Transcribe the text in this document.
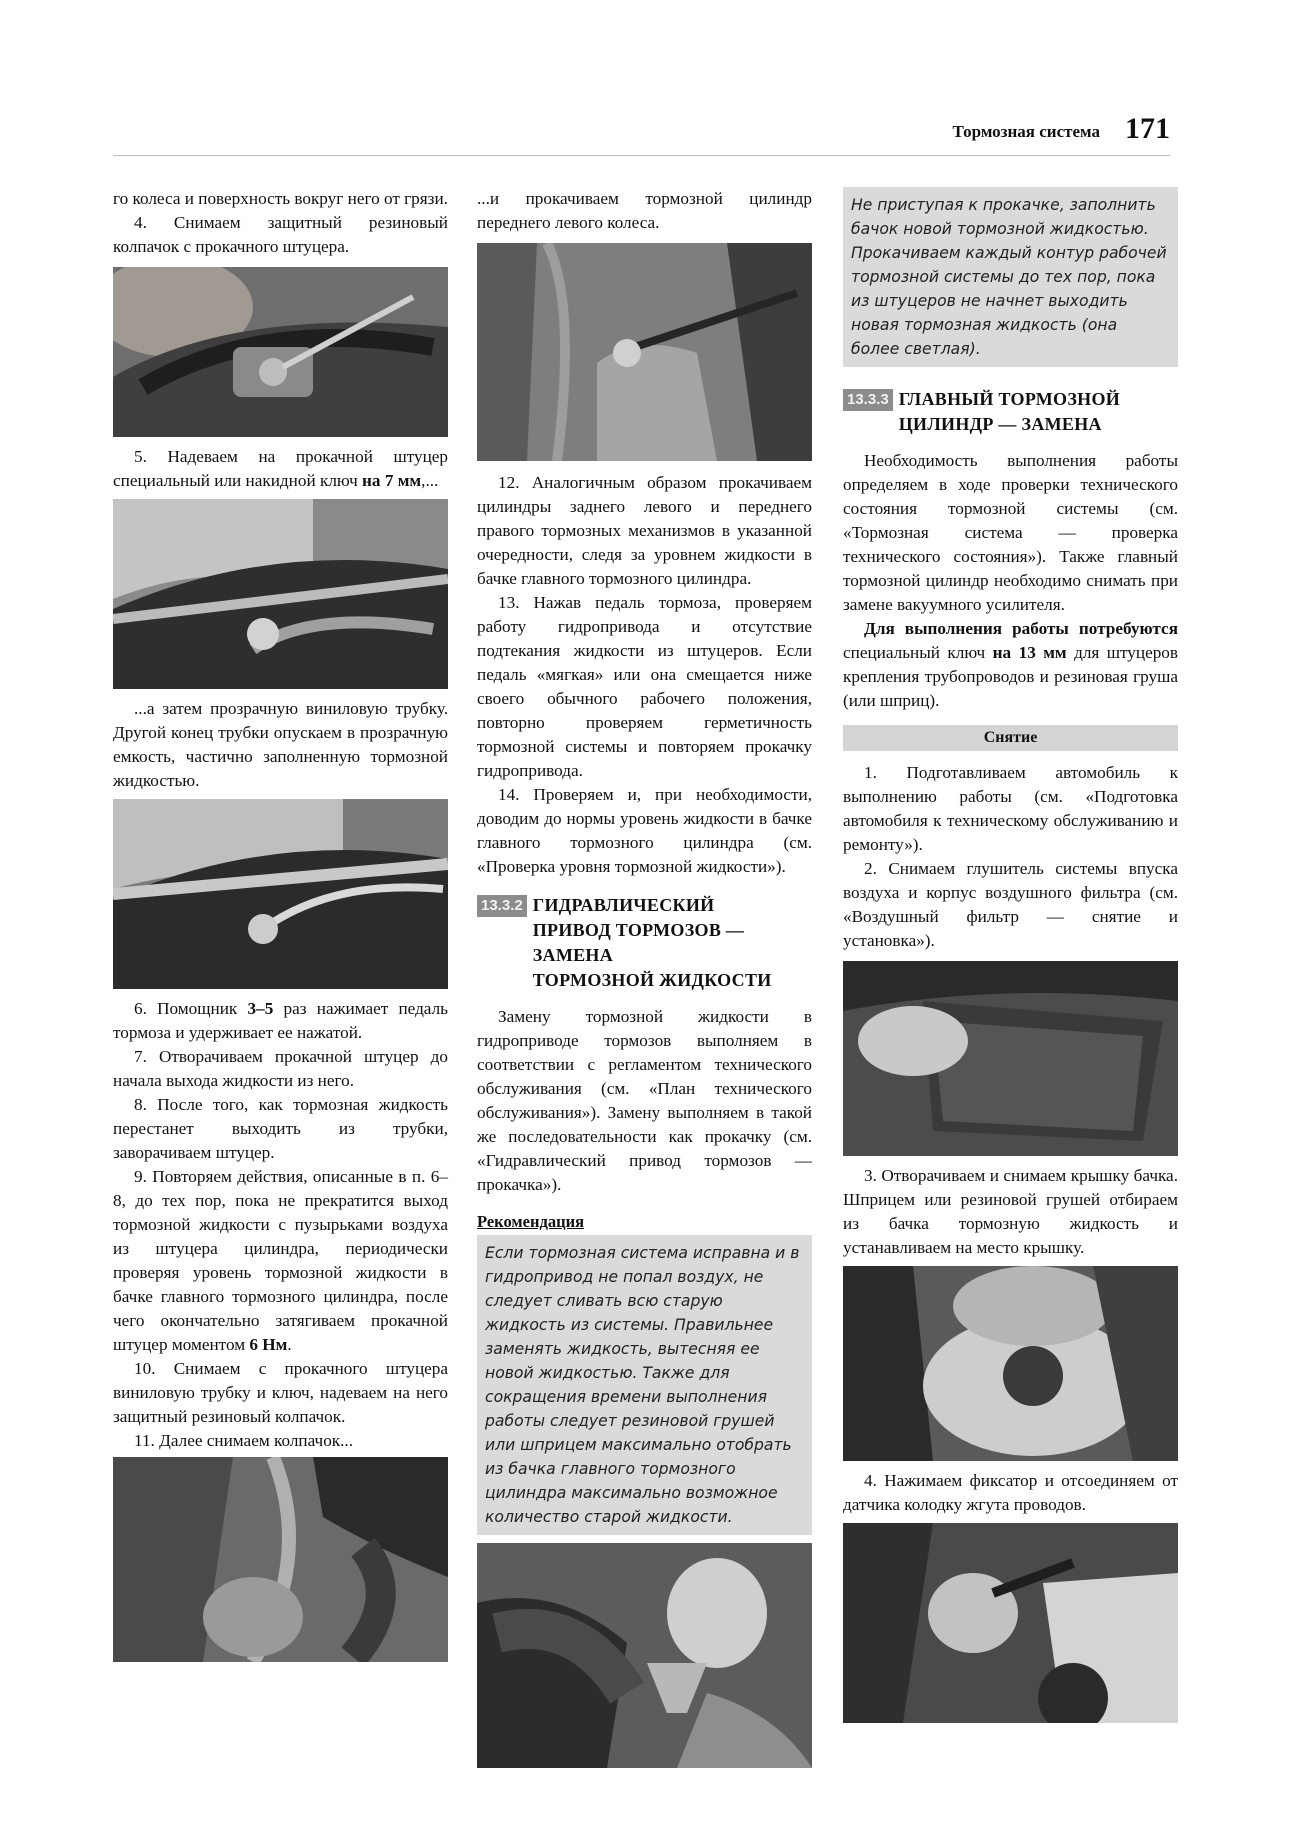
Тормозная система 171

го колеса и поверхность вокруг него от грязи.

4. Снимаем защитный резиновый колпачок с прокачного штуцера.

5. Надеваем на прокачной штуцер специальный или накидной ключ на 7 мм,...

...а затем прозрачную виниловую трубку. Другой конец трубки опускаем в прозрачную емкость, частично заполненную тормозной жидкостью.

6. Помощник 3–5 раз нажимает педаль тормоза и удерживает ее нажатой.

7. Отворачиваем прокачной штуцер до начала выхода жидкости из него.

8. После того, как тормозная жидкость перестанет выходить из трубки, заворачиваем штуцер.

9. Повторяем действия, описанные в п. 6–8, до тех пор, пока не прекратится выход тормозной жидкости с пузырьками воздуха из штуцера цилиндра, периодически проверяя уровень тормозной жидкости в бачке главного тормозного цилиндра, после чего окончательно затягиваем прокачной штуцер моментом 6 Нм.

10. Снимаем с прокачного штуцера виниловую трубку и ключ, надеваем на него защитный резиновый колпачок.

11. Далее снимаем колпачок...

...и прокачиваем тормозной цилиндр переднего левого колеса.

12. Аналогичным образом прокачиваем цилиндры заднего левого и переднего правого тормозных механизмов в указанной очередности, следя за уровнем жидкости в бачке главного тормозного цилиндра.

13. Нажав педаль тормоза, проверяем работу гидропривода и отсутствие подтекания жидкости из штуцеров. Если педаль «мягкая» или она смещается ниже своего обычного рабочего положения, повторно проверяем герметичность тормозной системы и повторяем прокачку гидропривода.

14. Проверяем и, при необходимости, доводим до нормы уровень жидкости в бачке главного тормозного цилиндра (см. «Проверка уровня тормозной жидкости»).

13.3.2 ГИДРАВЛИЧЕСКИЙ
ПРИВОД ТОРМОЗОВ — ЗАМЕНА
ТОРМОЗНОЙ ЖИДКОСТИ

Замену тормозной жидкости в гидроприводе тормозов выполняем в соответствии с регламентом технического обслуживания (см. «План технического обслуживания»). Замену выполняем в такой же последовательности как прокачку (см. «Гидравлический привод тормозов — прокачка»).

Рекомендация
Если тормозная система исправна и в гидропривод не попал воздух, не следует сливать всю старую жидкость из системы. Правильнее заменять жидкость, вытесняя ее новой жидкостью. Также для сокращения времени выполнения работы следует резиновой грушей или шприцем максимально отобрать из бачка главного тормозного цилиндра максимально возможное количество старой жидкости.
Не приступая к прокачке, заполнить бачок новой тормозной жидкостью. Прокачиваем каждый контур рабочей тормозной системы до тех пор, пока из штуцеров не начнет выходить новая тормозная жидкость (она более светлая).
13.3.3 ГЛАВНЫЙ ТОРМОЗНОЙ
ЦИЛИНДР — ЗАМЕНА

Необходимость выполнения работы определяем в ходе проверки технического состояния тормозной системы (см. «Тормозная система — проверка технического состояния»). Также главный тормозной цилиндр необходимо снимать при замене вакуумного усилителя.

Для выполнения работы потребуются специальный ключ на 13 мм для штуцеров крепления трубопроводов и резиновая груша (или шприц).

Снятие

1. Подготавливаем автомобиль к выполнению работы (см. «Подготовка автомобиля к техническому обслуживанию и ремонту»).

2. Снимаем глушитель системы впуска воздуха и корпус воздушного фильтра (см. «Воздушный фильтр — снятие и установка»).

3. Отворачиваем и снимаем крышку бачка. Шприцем или резиновой грушей отбираем из бачка тормозную жидкость и устанавливаем на место крышку.

4. Нажимаем фиксатор и отсоединяем от датчика колодку жгута проводов.
